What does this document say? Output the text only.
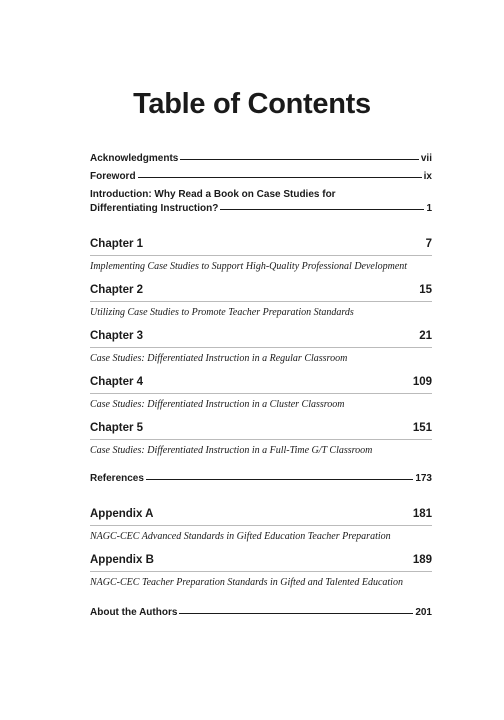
Table of Contents
Acknowledgments	vii
Foreword	ix
Introduction: Why Read a Book on Case Studies for
Differentiating Instruction?	1
Chapter 1	7
Implementing Case Studies to Support High-Quality Professional Development
Chapter 2	15
Utilizing Case Studies to Promote Teacher Preparation Standards
Chapter 3	21
Case Studies: Differentiated Instruction in a Regular Classroom
Chapter 4	109
Case Studies: Differentiated Instruction in a Cluster Classroom
Chapter 5	151
Case Studies: Differentiated Instruction in a Full-Time G/T Classroom
References	173
Appendix A	181
NAGC-CEC Advanced Standards in Gifted Education Teacher Preparation
Appendix B	189
NAGC-CEC Teacher Preparation Standards in Gifted and Talented Education
About the Authors	201
